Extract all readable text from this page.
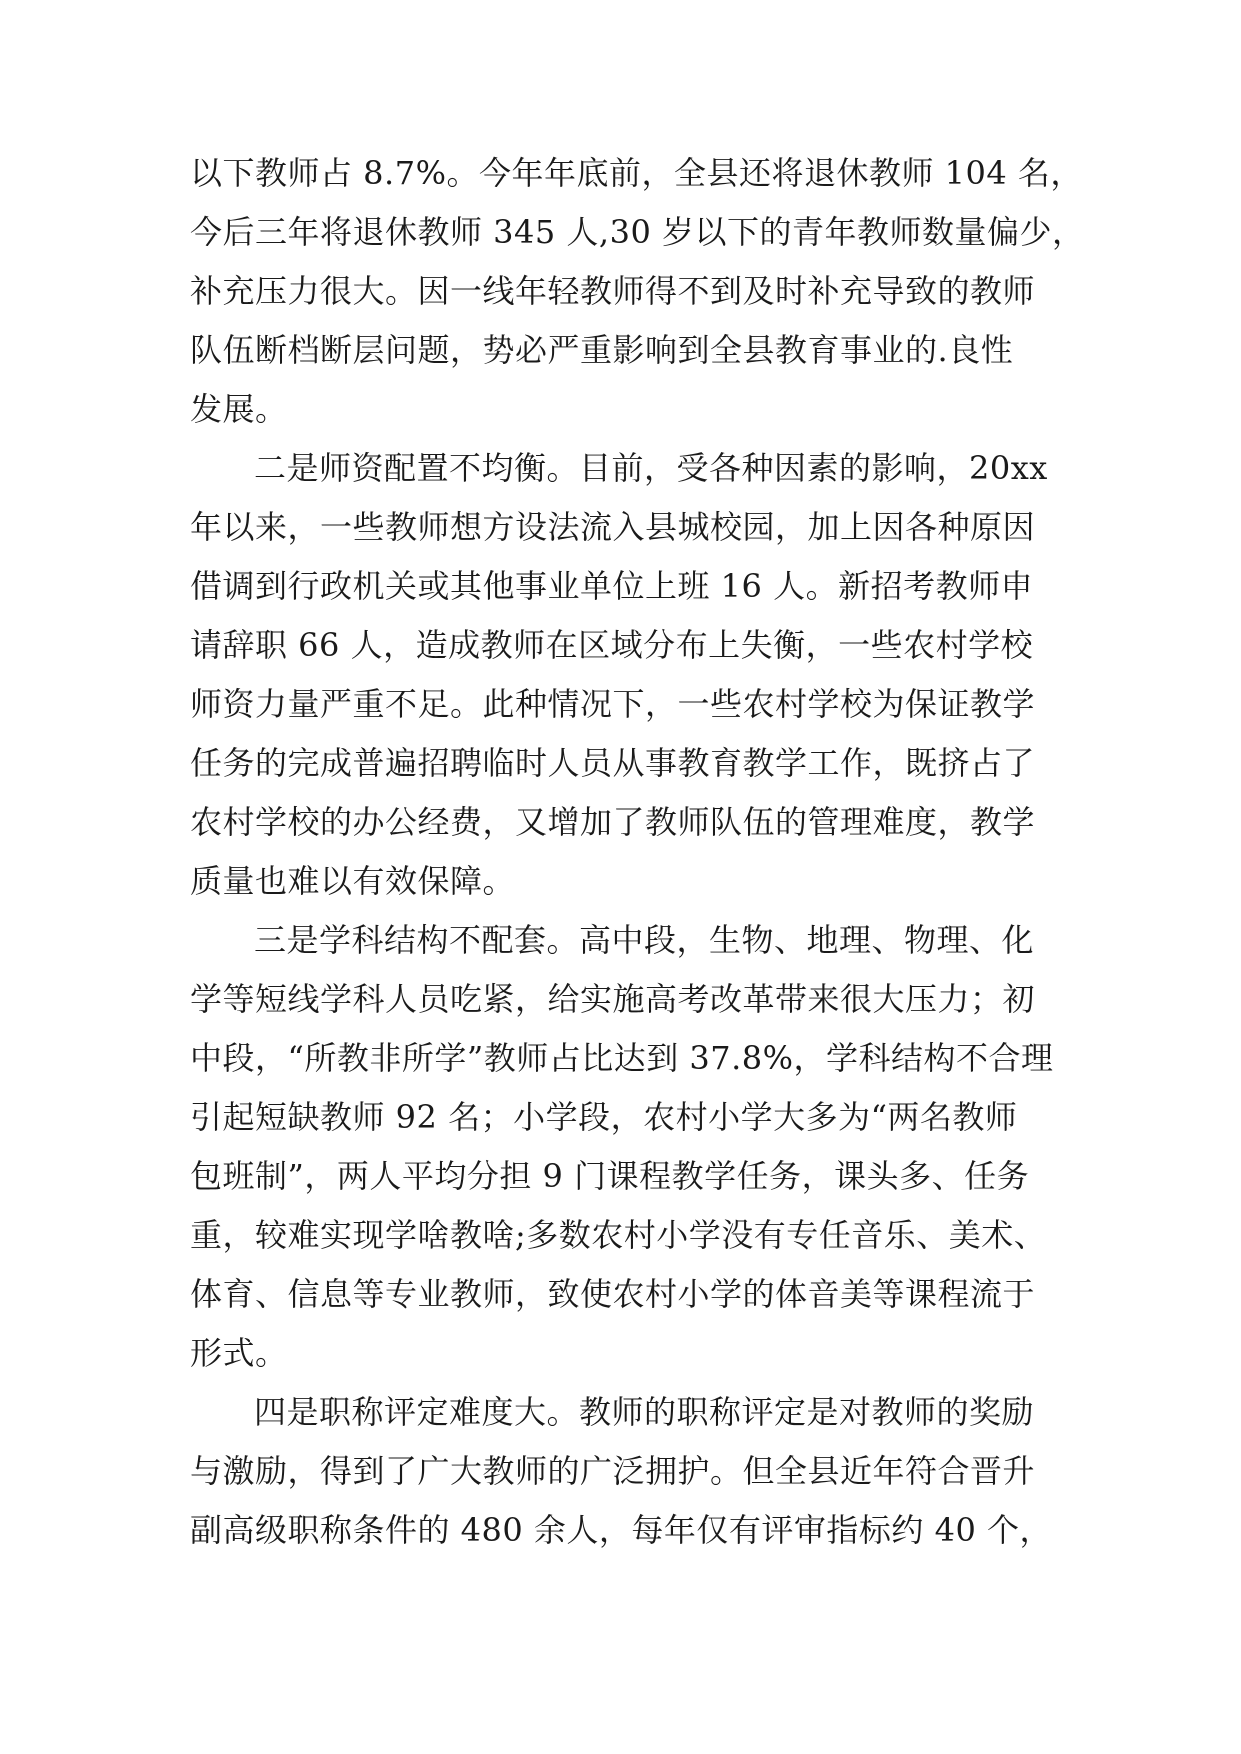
以下教师占 8.7%。今年年底前，全县还将退休教师 104 名，
今后三年将退休教师 345 人,30 岁以下的青年教师数量偏少，
补充压力很大。因一线年轻教师得不到及时补充导致的教师
队伍断档断层问题，势必严重影响到全县教育事业的.良性
发展。
二是师资配置不均衡。目前，受各种因素的影响，20xx
年以来，一些教师想方设法流入县城校园，加上因各种原因
借调到行政机关或其他事业单位上班 16 人。新招考教师申
请辞职 66 人，造成教师在区域分布上失衡，一些农村学校
师资力量严重不足。此种情况下，一些农村学校为保证教学
任务的完成普遍招聘临时人员从事教育教学工作，既挤占了
农村学校的办公经费，又增加了教师队伍的管理难度，教学
质量也难以有效保障。
三是学科结构不配套。高中段，生物、地理、物理、化
学等短线学科人员吃紧，给实施高考改革带来很大压力；初
中段，“所教非所学”教师占比达到 37.8%，学科结构不合理
引起短缺教师 92 名；小学段，农村小学大多为“两名教师
包班制”，两人平均分担 9 门课程教学任务，课头多、任务
重，较难实现学啥教啥;多数农村小学没有专任音乐、美术、
体育、信息等专业教师，致使农村小学的体音美等课程流于
形式。
四是职称评定难度大。教师的职称评定是对教师的奖励
与激励，得到了广大教师的广泛拥护。但全县近年符合晋升
副高级职称条件的 480 余人，每年仅有评审指标约 40 个，
